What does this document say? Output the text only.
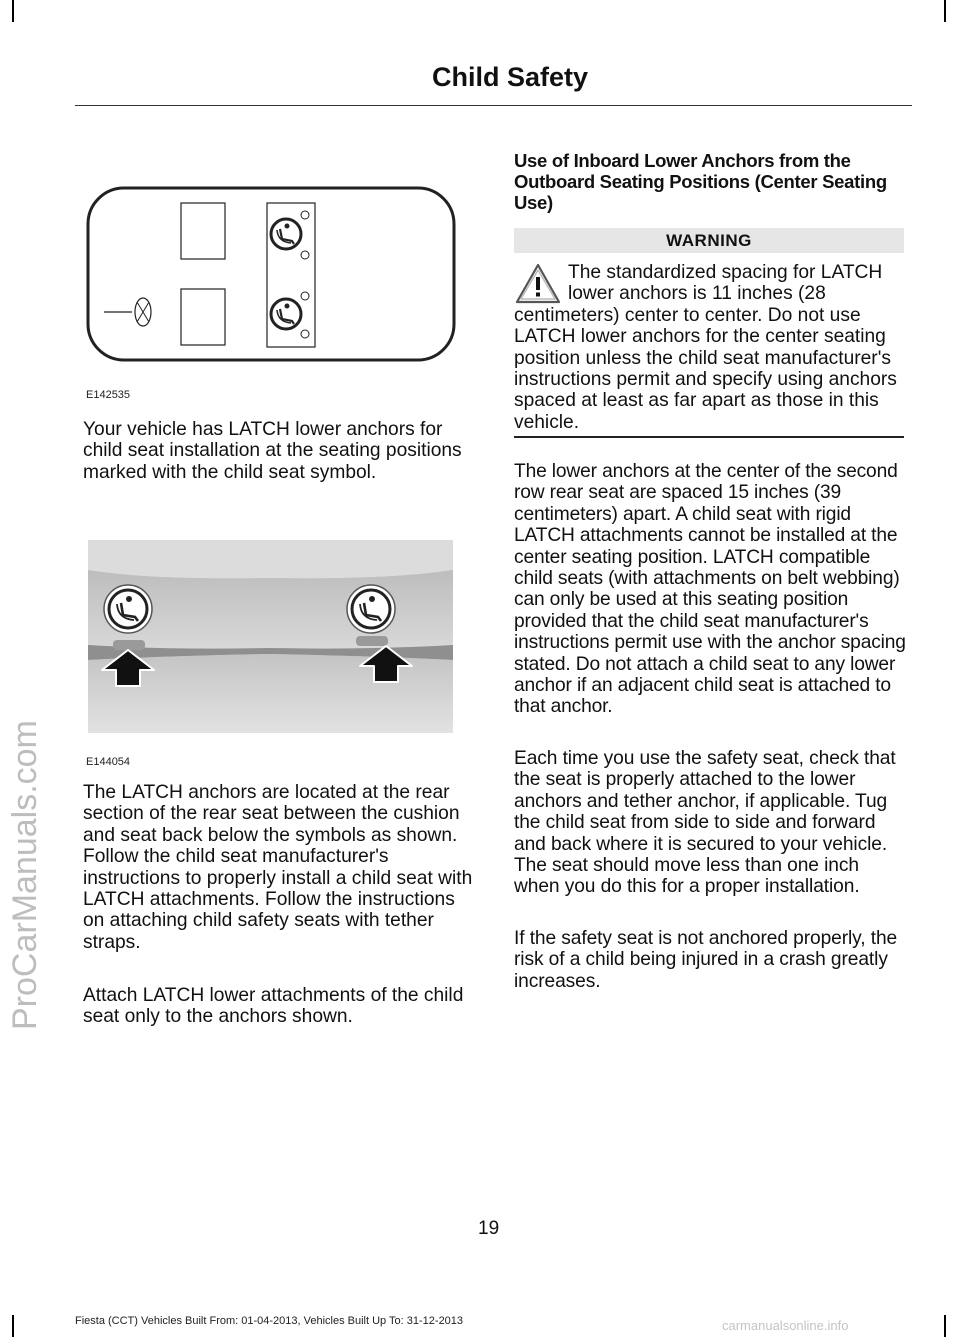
ProCarManuals.com
Child Safety
E142535

Your vehicle has LATCH lower anchors for child seat installation at the seating positions marked with the child seat symbol.

E144054

The LATCH anchors are located at the rear section of the rear seat between the cushion and seat back below the symbols as shown. Follow the child seat manufacturer's instructions to properly install a child seat with LATCH attachments. Follow the instructions on attaching child safety seats with tether straps.

Attach LATCH lower attachments of the child seat only to the anchors shown.

Use of Inboard Lower Anchors from the Outboard Seating Positions (Center Seating Use)
WARNING
The standardized spacing for LATCH lower anchors is 11 inches (28 centimeters) center to center. Do not use LATCH lower anchors for the center seating position unless the child seat manufacturer's instructions permit and specify using anchors spaced at least as far apart as those in this vehicle.

The lower anchors at the center of the second row rear seat are spaced 15 inches (39 centimeters) apart. A child seat with rigid LATCH attachments cannot be installed at the center seating position. LATCH compatible child seats (with attachments on belt webbing) can only be used at this seating position provided that the child seat manufacturer's instructions permit use with the anchor spacing stated. Do not attach a child seat to any lower anchor if an adjacent child seat is attached to that anchor.

Each time you use the safety seat, check that the seat is properly attached to the lower anchors and tether anchor, if applicable. Tug the child seat from side to side and forward and back where it is secured to your vehicle. The seat should move less than one inch when you do this for a proper installation.

If the safety seat is not anchored properly, the risk of a child being injured in a crash greatly increases.

19
Fiesta (CCT) Vehicles Built From: 01-04-2013, Vehicles Built Up To: 31-12-2013	carmanualsonline.info
